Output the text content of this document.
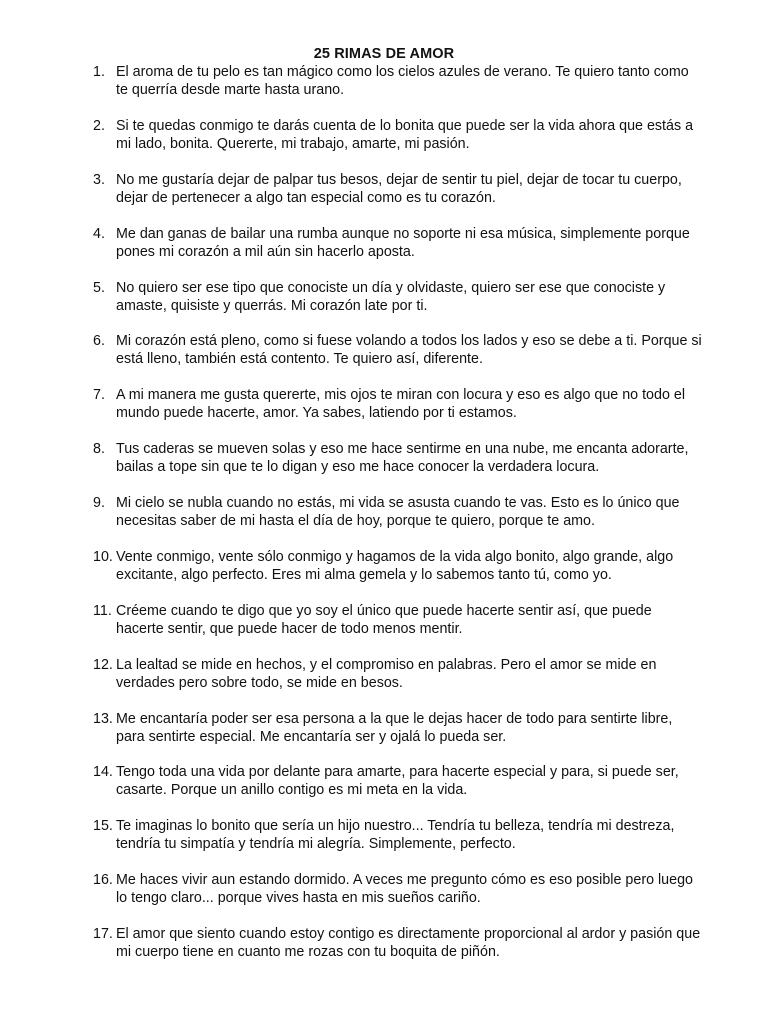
25 RIMAS DE AMOR
1. El aroma de tu pelo es tan mágico como los cielos azules de verano. Te quiero tanto como te querría desde marte hasta urano.
2. Si te quedas conmigo te darás cuenta de lo bonita que puede ser la vida ahora que estás a mi lado, bonita. Quererte, mi trabajo, amarte, mi pasión.
3. No me gustaría dejar de palpar tus besos, dejar de sentir tu piel, dejar de tocar tu cuerpo, dejar de pertenecer a algo tan especial como es tu corazón.
4. Me dan ganas de bailar una rumba aunque no soporte ni esa música, simplemente porque pones mi corazón a mil aún sin hacerlo aposta.
5. No quiero ser ese tipo que conociste un día y olvidaste, quiero ser ese que conociste y amaste, quisiste y querrás. Mi corazón late por ti.
6. Mi corazón está pleno, como si fuese volando a todos los lados y eso se debe a ti. Porque si está lleno, también está contento. Te quiero así, diferente.
7. A mi manera me gusta quererte, mis ojos te miran con locura y eso es algo que no todo el mundo puede hacerte, amor. Ya sabes, latiendo por ti estamos.
8. Tus caderas se mueven solas y eso me hace sentirme en una nube, me encanta adorarte, bailas a tope sin que te lo digan y eso me hace conocer la verdadera locura.
9. Mi cielo se nubla cuando no estás, mi vida se asusta cuando te vas. Esto es lo único que necesitas saber de mi hasta el día de hoy, porque te quiero, porque te amo.
10. Vente conmigo, vente sólo conmigo y hagamos de la vida algo bonito, algo grande, algo excitante, algo perfecto. Eres mi alma gemela y lo sabemos tanto tú, como yo.
11. Créeme cuando te digo que yo soy el único que puede hacerte sentir así, que puede hacerte sentir, que puede hacer de todo menos mentir.
12. La lealtad se mide en hechos, y el compromiso en palabras. Pero el amor se mide en verdades pero sobre todo, se mide en besos.
13. Me encantaría poder ser esa persona a la que le dejas hacer de todo para sentirte libre, para sentirte especial. Me encantaría ser y ojalá lo pueda ser.
14. Tengo toda una vida por delante para amarte, para hacerte especial y para, si puede ser, casarte. Porque un anillo contigo es mi meta en la vida.
15. Te imaginas lo bonito que sería un hijo nuestro... Tendría tu belleza, tendría mi destreza, tendría tu simpatía y tendría mi alegría. Simplemente, perfecto.
16. Me haces vivir aun estando dormido. A veces me pregunto cómo es eso posible pero luego lo tengo claro... porque vives hasta en mis sueños cariño.
17. El amor que siento cuando estoy contigo es directamente proporcional al ardor y pasión que mi cuerpo tiene en cuanto me rozas con tu boquita de piñón.
